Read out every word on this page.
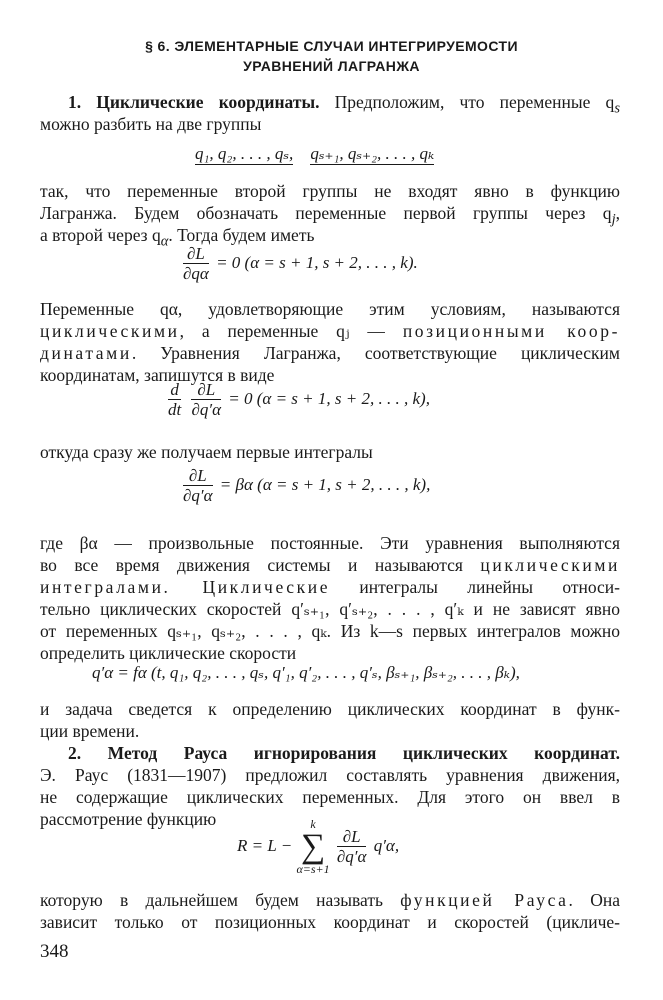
§ 6. ЭЛЕМЕНТАРНЫЕ СЛУЧАИ ИНТЕГРИРУЕМОСТИ
УРАВНЕНИЙ ЛАГРАНЖА
1. Циклические координаты. Предположим, что переменные $q_s$
можно разбить на две группы
q₁, q₂, . . . , qₛ, qₛ₊₁, qₛ₊₂, . . . , qₖ
так, что переменные второй группы не входят явно в функцию
Лагранжа. Будем обозначать переменные первой группы через $q_j$,
а второй через $q_\alpha$. Тогда будем иметь
$\frac{\partial L}{\partial q\alpha} = 0$ (α = s + 1, s + 2, . . . , k).
Переменные qα, удовлетворяющие этим условиям, называются
циклическими, а переменные qⱼ — позиционными коор-
динатами. Уравнения Лагранжа, соответствующие циклическим
координатам, запишутся в виде
$\frac{d}{dt}$
$\frac{\partial L}{\partial q'\alpha} = 0$ (α = s + 1, s + 2, . . . , k),
откуда сразу же получаем первые интегралы
$\frac{\partial L}{\partial q'\alpha} = \beta\alpha$ (α = s + 1, s + 2, . . . , k),
где βα — произвольные постоянные. Эти уравнения выполняются
во все время движения системы и называются циклическими
интегралами. Циклические интегралы линейны относи-
тельно циклических скоростей q′ₛ₊₁, q′ₛ₊₂, . . . , q′ₖ и не зависят явно
от переменных qₛ₊₁, qₛ₊₂, . . . , qₖ. Из k—s первых интегралов можно
определить циклические скорости
q′α = fα (t, q₁, q₂, . . . , qₛ, q′₁, q′₂, . . . , q′ₛ, βₛ₊₁, βₛ₊₂, . . . , βₖ),
и задача сведется к определению циклических координат в функ-
ции времени.
2. Метод Рауса игнорирования циклических координат.
Э. Раус (1831—1907) предложил составлять уравнения движения,
не содержащие циклических переменных. Для этого он ввел в
рассмотрение функцию
R = L −
k
∑
α=s+1

$\frac{\partial L}{\partial q'\alpha} q'\alpha$,
которую в дальнейшем будем называть функцией Рауса. Она
зависит только от позиционных координат и скоростей (цикличе-
348
